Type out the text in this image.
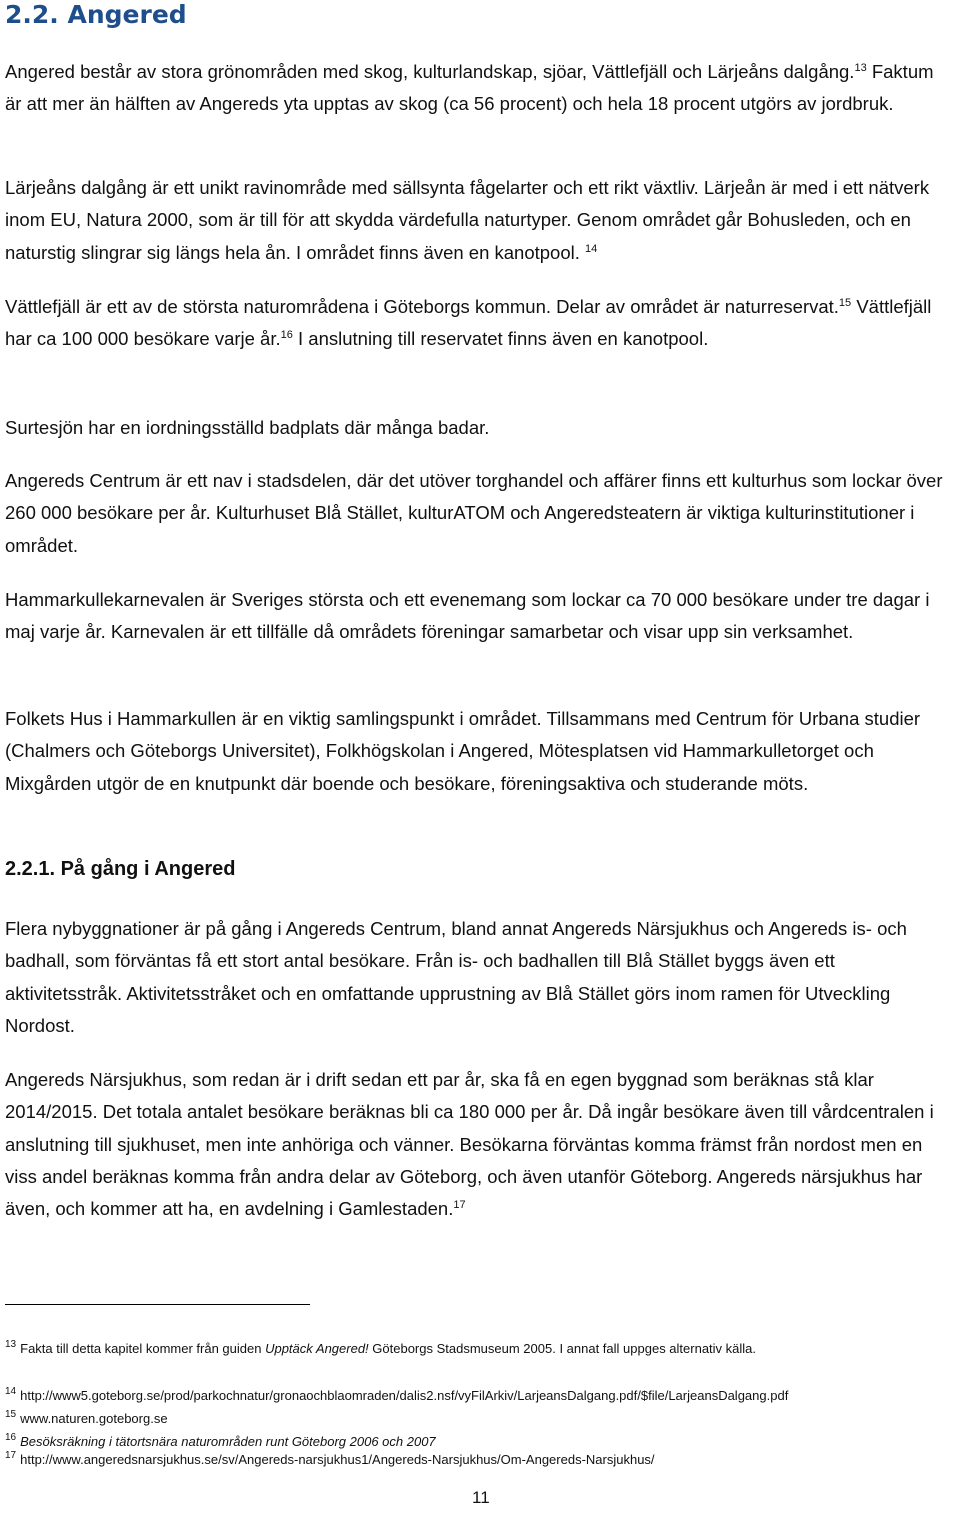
2.2. Angered

Angered består av stora grönområden med skog, kulturlandskap, sjöar, Vättlefjäll och Lärjeåns dalgång.$^{13}$ Faktum är att mer än hälften av Angereds yta upptas av skog (ca 56 procent) och hela 18 procent utgörs av jordbruk.

Lärjeåns dalgång är ett unikt ravinområde med sällsynta fågelarter och ett rikt växtliv. Lärjeån är med i ett nätverk inom EU, Natura 2000, som är till för att skydda värdefulla naturtyper. Genom området går Bohusleden, och en naturstig slingrar sig längs hela ån. I området finns även en kanotpool. $^{14}$

Vättlefjäll är ett av de största naturområdena i Göteborgs kommun. Delar av området är naturreservat.$^{15}$ Vättlefjäll har ca 100 000 besökare varje år.$^{16}$ I anslutning till reservatet finns även en kanotpool.

Surtesjön har en iordningsställd badplats där många badar.

Angereds Centrum är ett nav i stadsdelen, där det utöver torghandel och affärer finns ett kulturhus som lockar över 260 000 besökare per år. Kulturhuset Blå Stället, kulturATOM och Angeredsteatern är viktiga kulturinstitutioner i området.

Hammarkullekarnevalen är Sveriges största och ett evenemang som lockar ca 70 000 besökare under tre dagar i maj varje år. Karnevalen är ett tillfälle då områdets föreningar samarbetar och visar upp sin verksamhet.

Folkets Hus i Hammarkullen är en viktig samlingspunkt i området. Tillsammans med Centrum för Urbana studier (Chalmers och Göteborgs Universitet), Folkhögskolan i Angered, Mötesplatsen vid Hammarkulletorget och Mixgården utgör de en knutpunkt där boende och besökare, föreningsaktiva och studerande möts.

2.2.1. På gång i Angered

Flera nybyggnationer är på gång i Angereds Centrum, bland annat Angereds Närsjukhus och Angereds is- och badhall, som förväntas få ett stort antal besökare. Från is- och badhallen till Blå Stället byggs även ett aktivitetsstråk. Aktivitetsstråket och en omfattande upprustning av Blå Stället görs inom ramen för Utveckling Nordost.

Angereds Närsjukhus, som redan är i drift sedan ett par år, ska få en egen byggnad som beräknas stå klar 2014/2015. Det totala antalet besökare beräknas bli ca 180 000 per år. Då ingår besökare även till vårdcentralen i anslutning till sjukhuset, men inte anhöriga och vänner. Besökarna förväntas komma främst från nordost men en viss andel beräknas komma från andra delar av Göteborg, och även utanför Göteborg. Angereds närsjukhus har även, och kommer att ha, en avdelning i Gamlestaden.$^{17}$

$^{13}$ Fakta till detta kapitel kommer från guiden Upptäck Angered! Göteborgs Stadsmuseum 2005. I annat fall uppges alternativ källa.

$^{14}$ http://www5.goteborg.se/prod/parkochnatur/gronaochblaomraden/dalis2.nsf/vyFilArkiv/LarjeansDalgang.pdf/$file/LarjeansDalgang.pdf

$^{15}$ www.naturen.goteborg.se

$^{16}$ Besöksräkning i tätortsnära naturområden runt Göteborg 2006 och 2007

$^{17}$ http://www.angeredsnarsjukhus.se/sv/Angereds-narsjukhus1/Angereds-Narsjukhus/Om-Angereds-Narsjukhus/

11
